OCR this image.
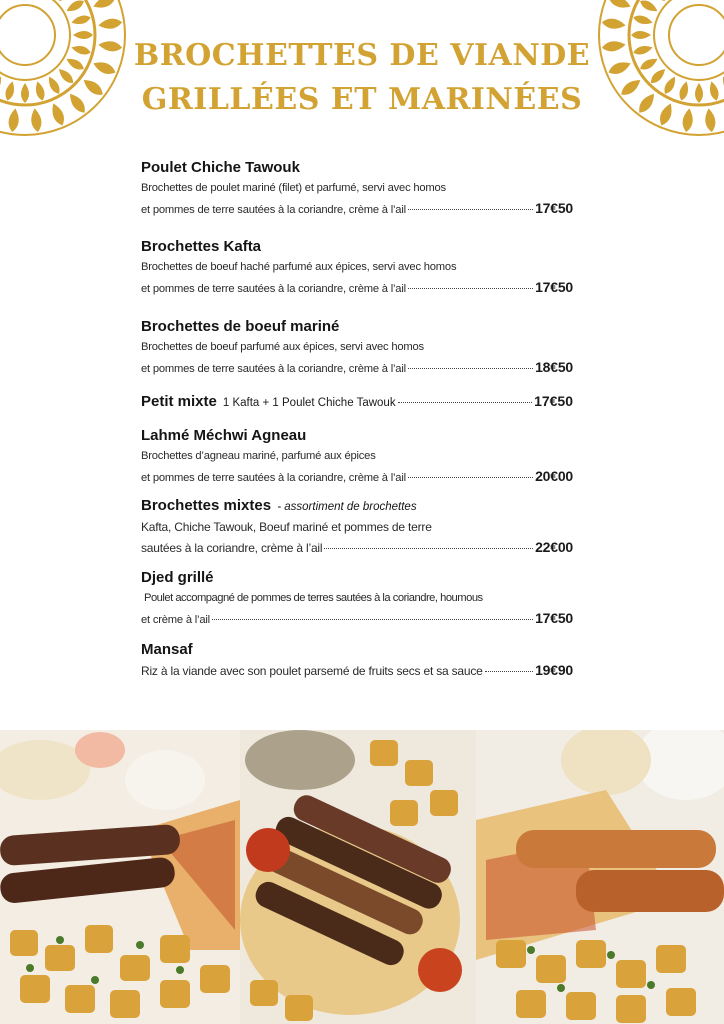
BROCHETTES DE VIANDE
GRILLÉES ET MARINÉES
Poulet Chiche Tawouk
Brochettes de poulet mariné (filet) et parfumé, servi avec homos
et pommes de terre sautées à la coriandre, crème à l’ail	17€50
Brochettes Kafta
Brochettes de boeuf haché parfumé aux épices, servi avec homos
et pommes de terre sautées à la coriandre, crème à l’ail	17€50
Brochettes de boeuf mariné
Brochettes de boeuf parfumé aux épices, servi avec homos
et pommes de terre sautées à la coriandre, crème à l’ail	18€50
Petit mixte 1 Kafta + 1 Poulet Chiche Tawouk	17€50
Lahmé Méchwi Agneau
Brochettes d’agneau mariné, parfumé aux épices
et pommes de terre sautées à la coriandre, crème à l’ail	20€00
Brochettes mixtes - assortiment de brochettes
Kafta, Chiche Tawouk, Boeuf mariné et pommes de terre
sautées à la coriandre, crème à l’ail	22€00
Djed grillé
Poulet accompagné de pommes de terres sautées à la coriandre, houmous
et crème à l’ail	17€50
Mansaf
Riz à la viande avec son poulet parsemé de fruits secs et sa sauce	19€90
